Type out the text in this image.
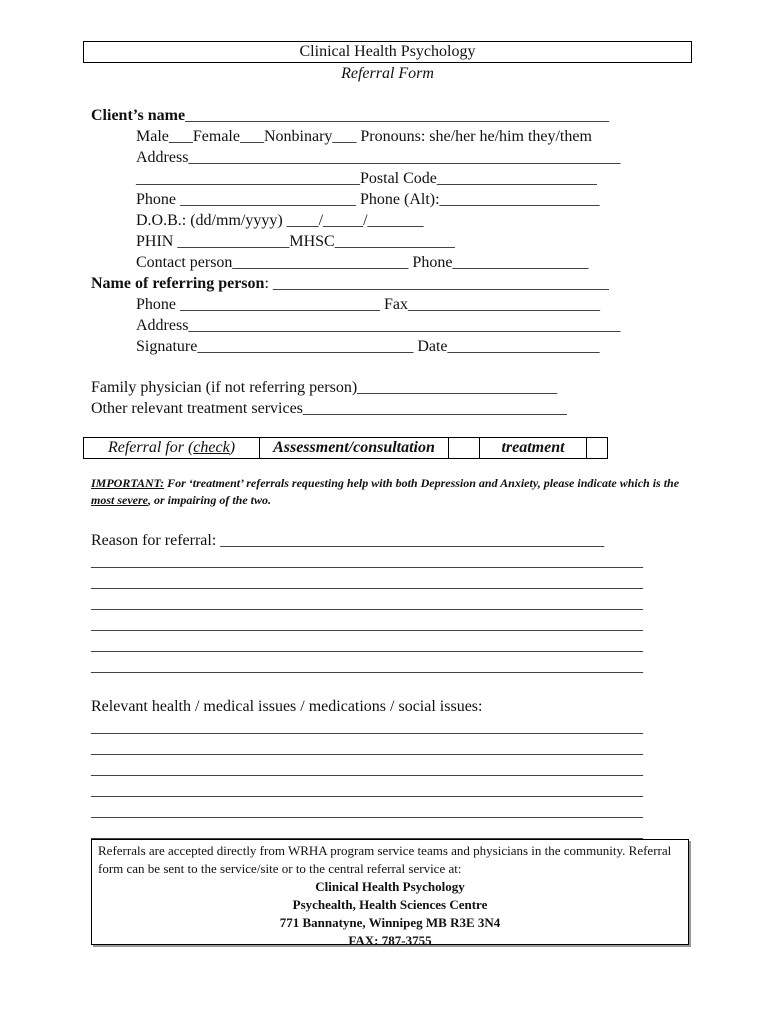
Clinical Health Psychology
Referral Form

Client’s name_____________________________________________________

Male___Female___Nonbinary___ Pronouns: she/her he/him they/them

Address______________________________________________________

____________________________Postal Code____________________

Phone ______________________ Phone (Alt):____________________

D.O.B.: (dd/mm/yyyy) ____/_____/_______

PHIN ______________MHSC_______________

Contact person______________________ Phone_________________

Name of referring person: __________________________________________

Phone _________________________ Fax________________________

Address______________________________________________________

Signature___________________________ Date___________________

Family physician (if not referring person)_________________________

Other relevant treatment services_________________________________

Referral for (check)	Assessment/consultation	treatment

IMPORTANT: For ‘treatment’ referrals requesting help with both Depression and Anxiety, please indicate which is the most severe, or impairing of the two.

Reason for referral: ________________________________________________

_____________________________________________________________________

_____________________________________________________________________

_____________________________________________________________________

_____________________________________________________________________

_____________________________________________________________________

_____________________________________________________________________

Relevant health / medical issues / medications / social issues:

_____________________________________________________________________

_____________________________________________________________________

_____________________________________________________________________

_____________________________________________________________________

_____________________________________________________________________

_____________________________________________________________________

Referrals are accepted directly from WRHA program service teams and physicians in the community. Referral form can be sent to the service/site or to the central referral service at:
Clinical Health Psychology
Psychealth, Health Sciences Centre
771 Bannatyne, Winnipeg MB R3E 3N4
FAX: 787-3755
